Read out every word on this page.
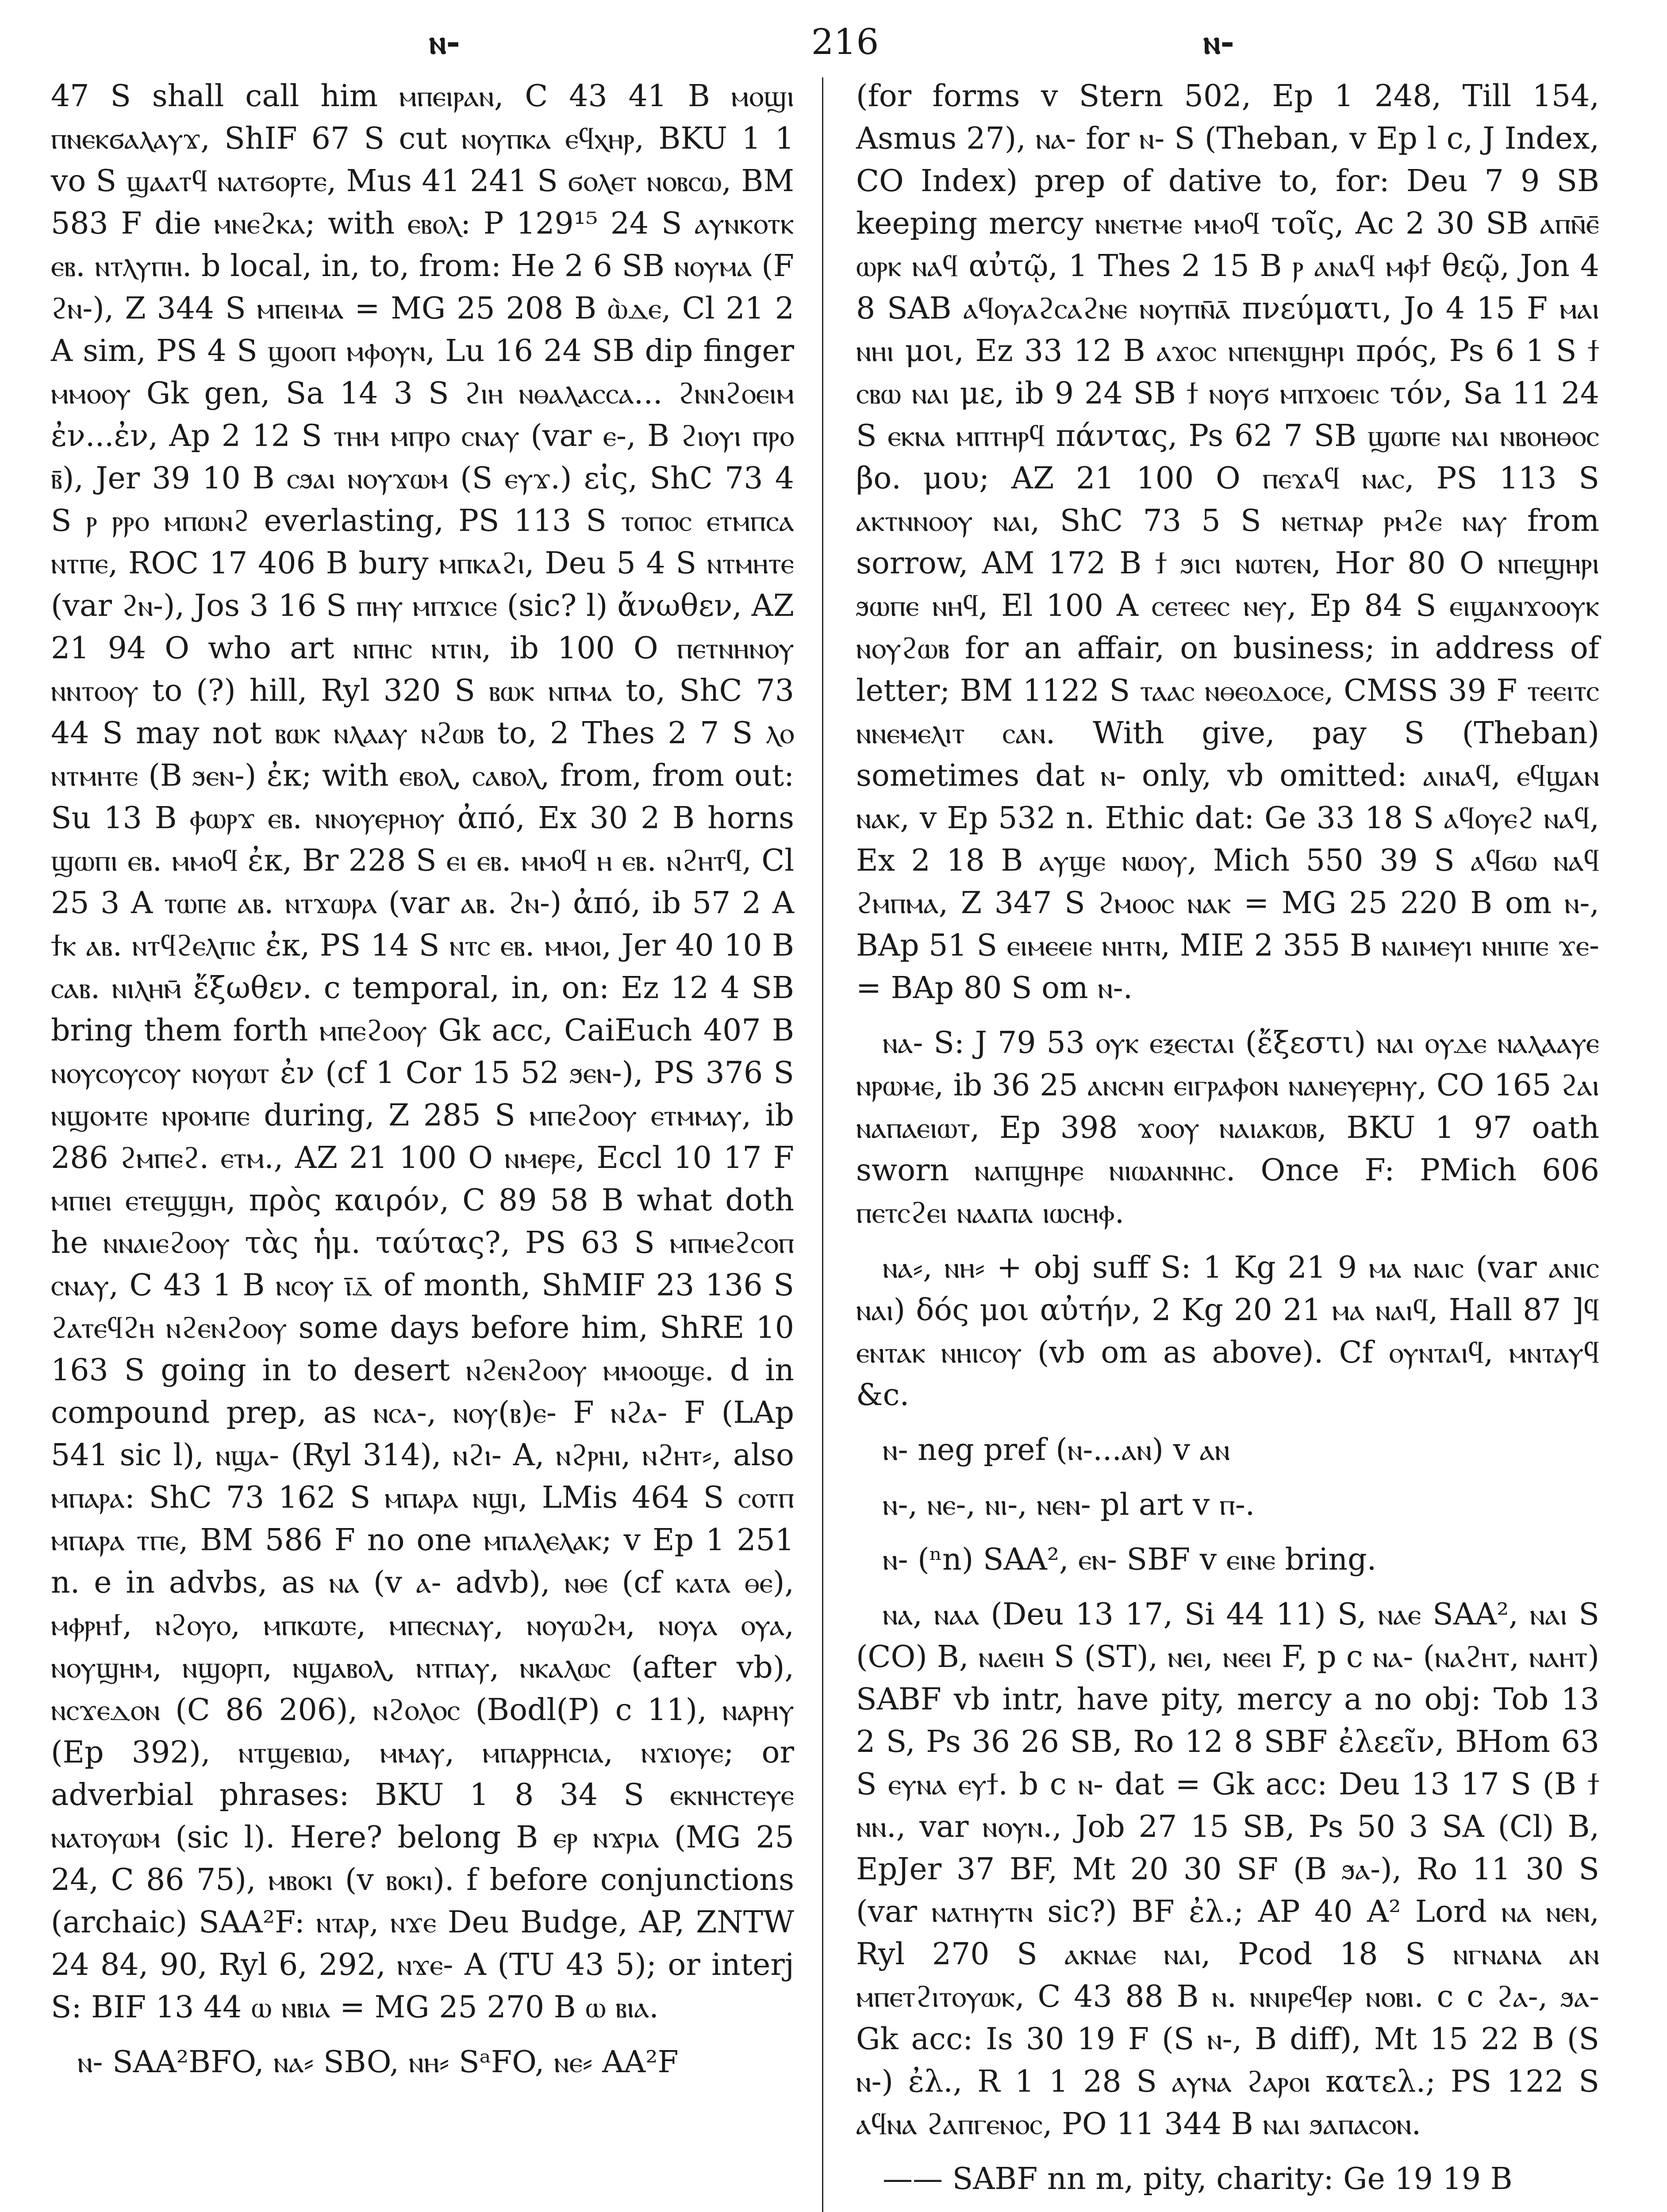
ⲛ-	216	ⲛ-

47 S shall call him ⲙⲡⲉⲓⲣⲁⲛ, C 43 41 B ⲙⲟϣⲓ ⲡⲛⲉⲕϭⲁⲗⲁⲩϫ, ShIF 67 S cut ⲛⲟⲩⲡⲕⲁ ⲉϥⲭⲏⲣ, BKU 1 1 vo S ϣⲁⲁⲧϥ ⲛⲁⲧϭⲟⲣⲧⲉ, Mus 41 241 S ϭⲟⲗⲉⲧ ⲛⲟⲃⲥⲱ, BM 583 F die ⲙⲛⲉϩⲕⲁ; with ⲉⲃⲟⲗ: P 129¹⁵ 24 S ⲁⲩⲛⲕⲟⲧⲕ ⲉⲃ. ⲛⲧⲗⲩⲡⲏ. b local, in, to, from: He 2 6 SB ⲛⲟⲩⲙⲁ (F ϩⲛ-), Z 344 S ⲙⲡⲉⲓⲙⲁ = MG 25 208 B ⲱ̀ⲇⲉ, Cl 21 2 A sim, PS 4 S ϣⲟⲟⲡ ⲙⲫⲟⲩⲛ, Lu 16 24 SB dip finger ⲙⲙⲟⲟⲩ Gk gen, Sa 14 3 S ϩⲓⲏ ⲛⲑⲁⲗⲁⲥⲥⲁ... ϩⲛⲛϩⲟⲉⲓⲙ ἐν...ἐν, Ap 2 12 S ⲧⲏⲙ ⲙⲡⲣⲟ ⲥⲛⲁⲩ (var ⲉ-, B ϩⲓⲟⲩⲓ ⲡⲣⲟ ⲃ̄), Jer 39 10 B ⲥϧⲁⲓ ⲛⲟⲩϫⲱⲙ (S ⲉⲩϫ.) εἰς, ShC 73 4 S ⲣ ⲣⲣⲟ ⲙⲡⲱⲛϩ everlasting, PS 113 S ⲧⲟⲡⲟⲥ ⲉⲧⲙⲡⲥⲁ ⲛⲧⲡⲉ, ROC 17 406 B bury ⲙⲡⲕⲁϩⲓ, Deu 5 4 S ⲛⲧⲙⲏⲧⲉ (var ϩⲛ-), Jos 3 16 S ⲡⲏⲩ ⲙⲡϫⲓⲥⲉ (sic? l) ἄνωθεν, AZ 21 94 O who art ⲛⲡⲏⲥ ⲛⲧⲓⲛ, ib 100 O ⲡⲉⲧⲛⲏⲛⲟⲩ ⲛⲛⲧⲟⲟⲩ to (?) hill, Ryl 320 S ⲃⲱⲕ ⲛⲡⲙⲁ to, ShC 73 44 S may not ⲃⲱⲕ ⲛⲗⲁⲁⲩ ⲛϩⲱⲃ to, 2 Thes 2 7 S ⲗⲟ ⲛⲧⲙⲏⲧⲉ (B ϧⲉⲛ-) ἐκ; with ⲉⲃⲟⲗ, ⲥⲁⲃⲟⲗ, from, from out: Su 13 B ⲫⲱⲣϫ ⲉⲃ. ⲛⲛⲟⲩⲉⲣⲏⲟⲩ ἀπό, Ex 30 2 B horns ϣⲱⲡⲓ ⲉⲃ. ⲙⲙⲟϥ ἐκ, Br 228 S ⲉⲓ ⲉⲃ. ⲙⲙⲟϥ ⲏ ⲉⲃ. ⲛϩⲏⲧϥ, Cl 25 3 A ⲧⲱⲡⲉ ⲁⲃ. ⲛⲧϫⲱⲣⲁ (var ⲁⲃ. ϩⲛ-) ἀπό, ib 57 2 A ϯⲕ ⲁⲃ. ⲛⲧϥϩⲉⲗⲡⲓⲥ ἐκ, PS 14 S ⲛⲧⲥ ⲉⲃ. ⲙⲙⲟⲓ, Jer 40 10 B ⲥⲁⲃ. ⲛⲓⲗⲏⲙ̄ ἔξωθεν. c temporal, in, on: Ez 12 4 SB bring them forth ⲙⲡⲉϩⲟⲟⲩ Gk acc, CaiEuch 407 B ⲛⲟⲩⲥⲟⲩⲥⲟⲩ ⲛⲟⲩⲱⲧ ἐν (cf 1 Cor 15 52 ϧⲉⲛ-), PS 376 S ⲛϣⲟⲙⲧⲉ ⲛⲣⲟⲙⲡⲉ during, Z 285 S ⲙⲡⲉϩⲟⲟⲩ ⲉⲧⲙⲙⲁⲩ, ib 286 ϩⲙⲡⲉϩ. ⲉⲧⲙ., AZ 21 100 O ⲛⲙⲉⲣⲉ, Eccl 10 17 F ⲙⲡⲓⲉⲓ ⲉⲧⲉϣϣⲏ, πρὸς καιρόν, C 89 58 B what doth he ⲛⲛⲁⲓⲉϩⲟⲟⲩ τὰς ἡμ. ταύτας?, PS 63 S ⲙⲡⲙⲉϩⲥⲟⲡ ⲥⲛⲁⲩ, C 43 1 B ⲛⲥⲟⲩ ⲓ̄ⲇ̄ of month, ShMIF 23 136 S ϩⲁⲧⲉϥϩⲏ ⲛϩⲉⲛϩⲟⲟⲩ some days before him, ShRE 10 163 S going in to desert ⲛϩⲉⲛϩⲟⲟⲩ ⲙⲙⲟⲟϣⲉ. d in compound prep, as ⲛⲥⲁ-, ⲛⲟⲩ(ⲃ)ⲉ- F ⲛϩⲁ- F (LAp 541 sic l), ⲛϣⲁ- (Ryl 314), ⲛϩⲓ- A, ⲛϩⲣⲏⲓ, ⲛϩⲏⲧ⸗, also ⲙⲡⲁⲣⲁ: ShC 73 162 S ⲙⲡⲁⲣⲁ ⲛϣⲓ, LMis 464 S ⲥⲟⲧⲡ ⲙⲡⲁⲣⲁ ⲧⲡⲉ, BM 586 F no one ⲙⲡⲁⲗⲉⲗⲁⲕ; v Ep 1 251 n. e in advbs, as ⲛⲁ (v ⲁ- advb), ⲛⲑⲉ (cf ⲕⲁⲧⲁ ⲑⲉ), ⲙⲫⲣⲏϯ, ⲛϩⲟⲩⲟ, ⲙⲡⲕⲱⲧⲉ, ⲙⲡⲉⲥⲛⲁⲩ, ⲛⲟⲩⲱϩⲙ, ⲛⲟⲩⲁ ⲟⲩⲁ, ⲛⲟⲩϣⲏⲙ, ⲛϣⲟⲣⲡ, ⲛϣⲁⲃⲟⲗ, ⲛⲧⲡⲁⲩ, ⲛⲕⲁⲗⲱⲥ (after vb), ⲛⲥϫⲉⲇⲟⲛ (C 86 206), ⲛϩⲟⲗⲟⲥ (Bodl(P) c 11), ⲛⲁⲣⲏⲩ (Ep 392), ⲛⲧϣⲉⲃⲓⲱ, ⲙⲙⲁⲩ, ⲙⲡⲁⲣⲣⲏⲥⲓⲁ, ⲛϫⲓⲟⲩⲉ; or adverbial phrases: BKU 1 8 34 S ⲉⲕⲛⲏⲥⲧⲉⲩⲉ ⲛⲁⲧⲟⲩⲱⲙ (sic l). Here? belong B ⲉⲣ ⲛϫⲣⲓⲁ (MG 25 24, C 86 75), ⲙⲃⲟⲕⲓ (v ⲃⲟⲕⲓ). f before conjunctions (archaic) SAA²F: ⲛⲧⲁⲣ, ⲛϫⲉ Deu Budge, AP, ZNTW 24 84, 90, Ryl 6, 292, ⲛϫⲉ- A (TU 43 5); or interj S: BIF 13 44 ⲱ ⲛⲃⲓⲁ = MG 25 270 B ⲱ ⲃⲓⲁ.

ⲛ- SAA²BFO, ⲛⲁ⸗ SBO, ⲛⲏ⸗ SᵃFO, ⲛⲉ⸗ AA²F

(for forms v Stern 502, Ep 1 248, Till 154, Asmus 27), ⲛⲁ- for ⲛ- S (Theban, v Ep l c, J Index, CO Index) prep of dative to, for: Deu 7 9 SB keeping mercy ⲛⲛⲉⲧⲙⲉ ⲙⲙⲟϥ τοῖς, Ac 2 30 SB ⲁⲡⲛ̄ⲉ̄ ⲱⲣⲕ ⲛⲁϥ αὐτῷ, 1 Thes 2 15 B ⲣ ⲁⲛⲁϥ ⲙⲫϯ θεῷ, Jon 4 8 SAB ⲁϥⲟⲩⲁϩⲥⲁϩⲛⲉ ⲛⲟⲩⲡⲛ̄ⲁ̄ πνεύματι, Jo 4 15 F ⲙⲁⲓ ⲛⲏⲓ μοι, Ez 33 12 B ⲁϫⲟⲥ ⲛⲡⲉⲛϣⲏⲣⲓ πρός, Ps 6 1 S ϯ ⲥⲃⲱ ⲛⲁⲓ με, ib 9 24 SB ϯ ⲛⲟⲩϭ ⲙⲡϫⲟⲉⲓⲥ τόν, Sa 11 24 S ⲉⲕⲛⲁ ⲙⲡⲧⲏⲣϥ πάντας, Ps 62 7 SB ϣⲱⲡⲉ ⲛⲁⲓ ⲛⲃⲟⲏⲑⲟⲥ βο. μου; AZ 21 100 O ⲡⲉϫⲁϥ ⲛⲁⲥ, PS 113 S ⲁⲕⲧⲛⲛⲟⲟⲩ ⲛⲁⲓ, ShC 73 5 S ⲛⲉⲧⲛⲁⲣ ⲣⲙϩⲉ ⲛⲁⲩ from sorrow, AM 172 B ϯ ϧⲓⲥⲓ ⲛⲱⲧⲉⲛ, Hor 80 O ⲛⲡⲉϣⲏⲣⲓ ϧⲱⲡⲉ ⲛⲏϥ, El 100 A ⲥⲉⲧⲉⲉⲥ ⲛⲉⲩ, Ep 84 S ⲉⲓϣⲁⲛϫⲟⲟⲩⲕ ⲛⲟⲩϩⲱⲃ for an affair, on business; in address of letter; BM 1122 S ⲧⲁⲁⲥ ⲛⲑⲉⲟⲇⲟⲥⲉ, CMSS 39 F ⲧⲉⲉⲓⲧⲥ ⲛⲛⲉⲙⲉⲗⲓⲧ ⲥⲁⲛ. With give, pay S (Theban) sometimes dat ⲛ- only, vb omitted: ⲁⲓⲛⲁϥ, ⲉϥϣⲁⲛ ⲛⲁⲕ, v Ep 532 n. Ethic dat: Ge 33 18 S ⲁϥⲟⲩⲉϩ ⲛⲁϥ, Ex 2 18 B ⲁⲩϣⲉ ⲛⲱⲟⲩ, Mich 550 39 S ⲁϥϭⲱ ⲛⲁϥ ϩⲙⲡⲙⲁ, Z 347 S ϩⲙⲟⲟⲥ ⲛⲁⲕ = MG 25 220 B om ⲛ-, BAp 51 S ⲉⲓⲙⲉⲉⲓⲉ ⲛⲏⲧⲛ, MIE 2 355 B ⲛⲁⲓⲙⲉⲩⲓ ⲛⲏⲓⲡⲉ ϫⲉ- = BAp 80 S om ⲛ-.

ⲛⲁ- S: J 79 53 ⲟⲩⲕ ⲉⲝⲉⲥⲧⲁⲓ (ἔξεστι) ⲛⲁⲓ ⲟⲩⲇⲉ ⲛⲁⲗⲁⲁⲩⲉ ⲛⲣⲱⲙⲉ, ib 36 25 ⲁⲛⲥⲙⲛ ⲉⲓⲅⲣⲁⲫⲟⲛ ⲛⲁⲛⲉⲩⲉⲣⲏⲩ, CO 165 ϩⲁⲓ ⲛⲁⲡⲁⲉⲓⲱⲧ, Ep 398 ϫⲟⲟⲩ ⲛⲁⲓⲁⲕⲱⲃ, BKU 1 97 oath sworn ⲛⲁⲡϣⲏⲣⲉ ⲛⲓⲱⲁⲛⲛⲏⲥ. Once F: PMich 606 ⲡⲉⲧⲥϩⲉⲓ ⲛⲁⲁⲡⲁ ⲓⲱⲥⲏⲫ.

ⲛⲁ⸗, ⲛⲏ⸗ + obj suff S: 1 Kg 21 9 ⲙⲁ ⲛⲁⲓⲥ (var ⲁⲛⲓⲥ ⲛⲁⲓ) δός μοι αὐτήν, 2 Kg 20 21 ⲙⲁ ⲛⲁⲓϥ, Hall 87 ]ϥ ⲉⲛⲧⲁⲕ ⲛⲏⲓⲥⲟⲩ (vb om as above). Cf ⲟⲩⲛⲧⲁⲓϥ, ⲙⲛⲧⲁⲩϥ &c.

ⲛ- neg pref (ⲛ-...ⲁⲛ) v ⲁⲛ

ⲛ-, ⲛⲉ-, ⲛⲓ-, ⲛⲉⲛ- pl art v ⲡ-.

ⲛ- (ⁿn) SAA², ⲉⲛ- SBF v ⲉⲓⲛⲉ bring.

ⲛⲁ, ⲛⲁⲁ (Deu 13 17, Si 44 11) S, ⲛⲁⲉ SAA², ⲛⲁⲓ S (CO) B, ⲛⲁⲉⲓⲏ S (ST), ⲛⲉⲓ, ⲛⲉⲉⲓ F, p c ⲛⲁ- (ⲛⲁϩⲏⲧ, ⲛⲁⲏⲧ) SABF vb intr, have pity, mercy a no obj: Tob 13 2 S, Ps 36 26 SB, Ro 12 8 SBF ἐλεεῖν, BHom 63 S ⲉⲩⲛⲁ ⲉⲩϯ. b c ⲛ- dat = Gk acc: Deu 13 17 S (B ϯ ⲛⲛ., var ⲛⲟⲩⲛ., Job 27 15 SB, Ps 50 3 SA (Cl) B, EpJer 37 BF, Mt 20 30 SF (B ϧⲁ-), Ro 11 30 S (var ⲛⲁⲧⲏⲩⲧⲛ sic?) BF ἐλ.; AP 40 A² Lord ⲛⲁ ⲛⲉⲛ, Ryl 270 S ⲁⲕⲛⲁⲉ ⲛⲁⲓ, Pcod 18 S ⲛⲅⲛⲁⲛⲁ ⲁⲛ ⲙⲡⲉⲧϩⲓⲧⲟⲩⲱⲕ, C 43 88 B ⲛ. ⲛⲛⲓⲣⲉϥⲉⲣ ⲛⲟⲃⲓ. c c ϩⲁ-, ϧⲁ- Gk acc: Is 30 19 F (S ⲛ-, B diff), Mt 15 22 B (S ⲛ-) ἐλ., R 1 1 28 S ⲁⲩⲛⲁ ϩⲁⲣⲟⲓ κατελ.; PS 122 S ⲁϥⲛⲁ ϩⲁⲡⲅⲉⲛⲟⲥ, PO 11 344 B ⲛⲁⲓ ϧⲁⲡⲁⲥⲟⲛ.

—— SABF nn m, pity, charity: Ge 19 19 B
